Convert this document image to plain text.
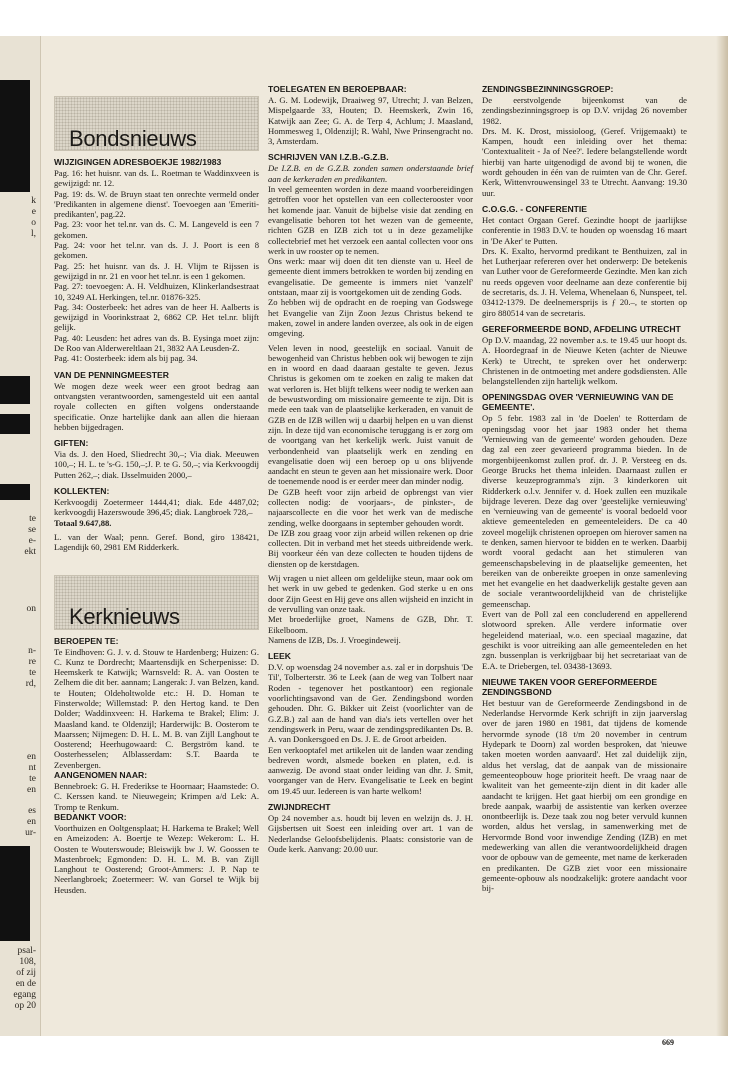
k
e
o
l,
te
se
e-
ekt
on
n-
re
te
rd,
en
nt
te
en
es
en
ur-
psal-
108,
of zij
en de
egang
op 20
Bondsnieuws
WIJZIGINGEN ADRESBOEKJE 1982/1983

Pag. 16: het huisnr. van ds. L. Roetman te Waddinxveen is gewijzigd: nr. 12.

Pag. 19: ds. W. de Bruyn staat ten onrechte vermeld onder 'Predikanten in algemene dienst'. Toevoegen aan 'Emeriti-predikanten', pag.22.

Pag. 23: voor het tel.nr. van ds. C. M. Langeveld is een 7 gekomen.

Pag. 24: voor het tel.nr. van ds. J. J. Poort is een 8 gekomen.

Pag. 25: het huisnr. van ds. J. H. Vlijm te Rijssen is gewijzigd in nr. 21 en voor het tel.nr. is een 1 gekomen.

Pag. 27: toevoegen: A. H. Veldhuizen, Klinkerlandsestraat 10, 3249 AL Herkingen, tel.nr. 01876-325.

Pag. 34: Oosterbeek: het adres van de heer H. Aalberts is gewijzigd in Voorinkstraat 2, 6862 CP. Het tel.nr. blijft gelijk.

Pag. 40: Leusden: het adres van ds. B. Eysinga moet zijn: De Roo van Alderwereltlaan 21, 3832 AA Leusden-Z.

Pag. 41: Oosterbeek: idem als bij pag. 34.

VAN DE PENNINGMEESTER

We mogen deze week weer een groot bedrag aan ontvangsten verantwoorden, samengesteld uit een aantal royale collecten en giften volgens onderstaande specificatie. Onze hartelijke dank aan allen die hieraan hebben bijgedragen.

GIFTEN:

Via ds. J. den Hoed, Sliedrecht 30,–; Via diak. Meeuwen 100,–; H. L. te 's-G. 150,–;J. P. te G. 50,–; via Kerkvoogdij Putten 262,–; diak. IJsselmuiden 2000,–

KOLLEKTEN:

Kerkvoogdij Zoetermeer 1444,41; diak. Ede 4487,02; kerkvoogdij Hazerswoude 396,45; diak. Langbroek 728,–

Totaal 9.647,88.

L. van der Waal; penn. Geref. Bond, giro 138421, Lagendijk 60, 2981 EM Ridderkerk.

Kerknieuws
BEROEPEN TE:

Te Eindhoven: G. J. v. d. Stouw te Hardenberg; Huizen: G. C. Kunz te Dordrecht; Maartensdijk en Scherpenisse: D. Heemskerk te Katwijk; Warnsveld: R. A. van Oosten te Zelhem die dit ber. aannam; Langerak: J. van Belzen, kand. te Houten; Oldeholtwolde etc.: H. D. Homan te Finsterwolde; Willemstad: P. den Hertog kand. te Den Dolder; Waddinxveen: H. Harkema te Brakel; Elim: J. Maasland kand. te Oldenzijl; Harderwijk: B. Oosterom te Maarssen; Nijmegen: D. H. L. M. B. van Zijll Langhout te Oosterend; Heerhugowaard: C. Bergström kand. te Oosterhesselen; Alblasserdam: S.T. Baarda te Zevenbergen.

AANGENOMEN NAAR:

Bennebroek: G. H. Frederikse te Hoornaar; Haamstede: O. C. Kerssen kand. te Nieuwegein; Krimpen a/d Lek: A. Tromp te Renkum.

BEDANKT VOOR:

Voorthuizen en Ooltgensplaat; H. Harkema te Brakel; Well en Ameizoden: A. Boertje te Wezep: Wekerom: L. H. Oosten te Wouterswoude; Bleiswijk bw J. W. Goossen te Mastenbroek; Egmonden: D. H. L. M. B. van Zijll Langhout te Oosterend; Groot-Ammers: J. P. Nap te Neerlangbroek; Zoetermeer: W. van Gorsel te Wijk bij Heusden.

TOELEGATEN EN BEROEPBAAR:

A. G. M. Lodewijk, Draaiweg 97, Utrecht; J. van Belzen, Mispelgaarde 33, Houten; D. Heemskerk, Zwin 16, Katwijk aan Zee; G. A. de Terp 4, Achlum; J. Maasland, Hommesweg 1, Oldenzijl; R. Wahl, Nwe Prinsengracht no. 3, Amsterdam.

SCHRIJVEN VAN I.Z.B.-G.Z.B.

De I.Z.B. en de G.Z.B. zonden samen onderstaande brief aan de kerkeraden en predikanten.

In veel gemeenten worden in deze maand voorbereidingen getroffen voor het opstellen van een collecterooster voor het komende jaar. Vanuit de bijbelse visie dat zending en evangelisatie behoren tot het wezen van de gemeente, richten GZB en IZB zich tot u in deze gezamelijke collectebrief met het verzoek een aantal collecten voor ons werk in uw rooster op te nemen.

Ons werk: maar wij doen dit ten dienste van u. Heel de gemeente dient immers betrokken te worden bij zending en evangelisatie. De gemeente is immers niet 'vanzelf' ontstaan, maar zij is voortgekomen uit de zending Gods.

Zo hebben wij de opdracht en de roeping van Godswege het Evangelie van Zijn Zoon Jezus Christus bekend te maken, zowel in andere landen overzee, als ook in de eigen omgeving.

Velen leven in nood, geestelijk en sociaal. Vanuit de bewogenheid van Christus hebben ook wij bewogen te zijn en in woord en daad daaraan gestalte te geven. Jezus Christus is gekomen om te zoeken en zalig te maken dat wat verloren is. Het blijft telkens weer nodig te werken aan de bewustwording om missionaire gemeente te zijn. Dit is mede een taak van de plaatselijke kerkeraden, en vanuit de GZB en de IZB willen wij u daarbij helpen en u van dienst zijn. In deze tijd van economische teruggang is er zorg om de voortgang van het kerkelijk werk. Juist vanuit de verbondenheid van plaatselijk werk en zending en evangelisatie doen wij een beroep op u ons blijvende aandacht en steun te geven aan het missionaire werk. Door de toenemende nood is er eerder meer dan minder nodig.

De GZB heeft voor zijn arbeid de opbrengst van vier collecten nodig: de voorjaars-, de pinkster-, de najaarscollecte en die voor het werk van de medische zending, welke doorgaans in september gehouden wordt.

De IZB zou graag voor zijn arbeid willen rekenen op drie collecten. Dit in verband met het steeds uitbreidende werk. Bij voorkeur één van deze collecten te houden tijdens de diensten op de kerstdagen.

Wij vragen u niet alleen om geldelijke steun, maar ook om het werk in uw gebed te gedenken. God sterke u en ons door Zijn Geest en Hij geve ons allen wijsheid en inzicht in de vervulling van onze taak.

Met broederlijke groet, Namens de GZB, Dhr. T. Eikelboom.

Namens de IZB, Ds. J. Vroegindeweij.

LEEK

D.V. op woensdag 24 november a.s. zal er in dorpshuis 'De Til', Tolberterstr. 36 te Leek (aan de weg van Tolbert naar Roden - tegenover het postkantoor) een regionale voorlichtingsavond van de Ger. Zendingsbond worden gehouden. Dhr. G. Bikker uit Zeist (voorlichter van de G.Z.B.) zal aan de hand van dia's iets vertellen over het zendingswerk in Peru, waar de zendingspredikanten Ds. B. A. van Donkersgoed en Ds. J. E. de Groot arbeiden.

Een verkooptafel met artikelen uit de landen waar zending bedreven wordt, alsmede boeken en platen, e.d. is aanwezig. De avond staat onder leiding van dhr. J. Smit, voorganger van de Herv. Evangelisatie te Leek en begint om 19.45 uur. Iedereen is van harte welkom!

ZWIJNDRECHT

Op 24 november a.s. houdt bij leven en welzijn ds. J. H. Gijsbertsen uit Soest een inleiding over art. 1 van de Nederlandse Geloofsbelijdenis. Plaats: consistorie van de Oude kerk. Aanvang: 20.00 uur.

ZENDINGSBEZINNINGSGROEP:

De eerstvolgende bijeenkomst van de zendingsbezinningsgroep is op D.V. vrijdag 26 november 1982.

Drs. M. K. Drost, missioloog, (Geref. Vrijgemaakt) te Kampen, houdt een inleiding over het thema: 'Contextualiteit - Ja of Nee?'. Iedere belangstellende wordt hierbij van harte uitgenodigd de avond bij te wonen, die wordt gehouden in één van de ruimten van de Chr. Geref. Kerk, Wittenvrouwensingel 33 te Utrecht. Aanvang: 19.30 uur.

C.O.G.G. - CONFERENTIE

Het contact Orgaan Geref. Gezindte hoopt de jaarlijkse conferentie in 1983 D.V. te houden op woensdag 16 maart in 'De Aker' te Putten.

Drs. K. Exalto, hervormd predikant te Benthuizen, zal in het Lutherjaar refereren over het onderwerp: De betekenis van Luther voor de Gereformeerde Gezindte. Men kan zich nu reeds opgeven voor deelname aan deze conferentie bij de secretaris, ds. J. H. Velema, Whenelaan 6, Nunspeet, tel. 03412-1379. De deelnemersprijs is ƒ 20.–, te storten op giro 880514 van de secretaris.

GEREFORMEERDE BOND, AFDELING UTRECHT

Op D.V. maandag, 22 november a.s. te 19.45 uur hoopt ds. A. Hoordegraaf in de Nieuwe Keten (achter de Nieuwe Kerk) te Utrecht, te spreken over het onderwerp: Christenen in de ontmoeting met andere godsdiensten. Alle belangstellenden zijn hartelijk welkom.

OPENINGSDAG OVER 'VERNIEUWING VAN DE GEMEENTE'.

Op 5 febr. 1983 zal in 'de Doelen' te Rotterdam de openingsdag voor het jaar 1983 onder het thema 'Vernieuwing van de gemeente' worden gehouden. Deze dag zal een zeer gevarieerd programma bieden. In de morgenbijeenkomst zullen prof. dr. J. P. Versteeg en ds. George Brucks het thema inleiden. Daarnaast zullen er diverse keuzeprogramma's zijn. 3 kinderkoren uit Ridderkerk o.l.v. Jennifer v. d. Hoek zullen een muzikale bijdrage leveren. Deze dag over 'geestelijke vernieuwing' en 'vernieuwing van de gemeente' is vooral bedoeld voor aktieve gemeenteleden en gemeenteleiders. De ca 40 zoveel mogelijk christenen oproepen om hierover samen na te denken, samen hiervoor te bidden en te werken. Daarbij wordt vooral gedacht aan het stimuleren van gemeenschapsbeleving in de plaatselijke gemeenten, het bereiken van de onbereikte groepen in onze samenleving met het evangelie en het daadwerkelijk gestalte geven aan de sociale verantwoordelijkheid van de christelijke gemeenschap.

Evert van de Poll zal een concluderend en appellerend slotwoord spreken. Alle verdere informatie over hegeleidend materiaal, w.o. een speciaal magazine, dat geschikt is voor uitreiking aan alle gemeenteleden en het zgn. bussenplan is verkrijgbaar bij het secretariaat van de E.A. te Driebergen, tel. 03438-13693.

NIEUWE TAKEN VOOR GEREFORMEERDE ZENDINGSBOND

Het bestuur van de Gereformeerde Zendingsbond in de Nederlandse Hervormde Kerk schrijft in zijn jaarverslag over de jaren 1980 en 1981, dat tijdens de komende hervormde synode (18 t/m 20 november in centrum Hydepark te Doorn) zal worden besproken, dat 'nieuwe taken moeten worden aanvaard'. Het zal duidelijk zijn, aldus het verslag, dat de aanpak van de missionaire gemeenteopbouw hoge prioriteit heeft. De vraag naar de kwaliteit van het gemeente-zijn dient in dit kader alle aandacht te krijgen. Het gaat hierbij om een grondige en brede aanpak, waarbij de assistentie van kerken overzee onontbeerlijk is. Deze taak zou nog beter vervuld kunnen worden, aldus het verslag, in samenwerking met de Hervormde Bond voor inwendige Zending (IZB) en met medewerking van allen die verantwoordelijkheid dragen voor de opbouw van de gemeente, met name de kerkeraden en predikanten. De GZB ziet voor een missionaire gemeente-opbouw als noodzakelijk: grotere aandacht voor bij-

669
